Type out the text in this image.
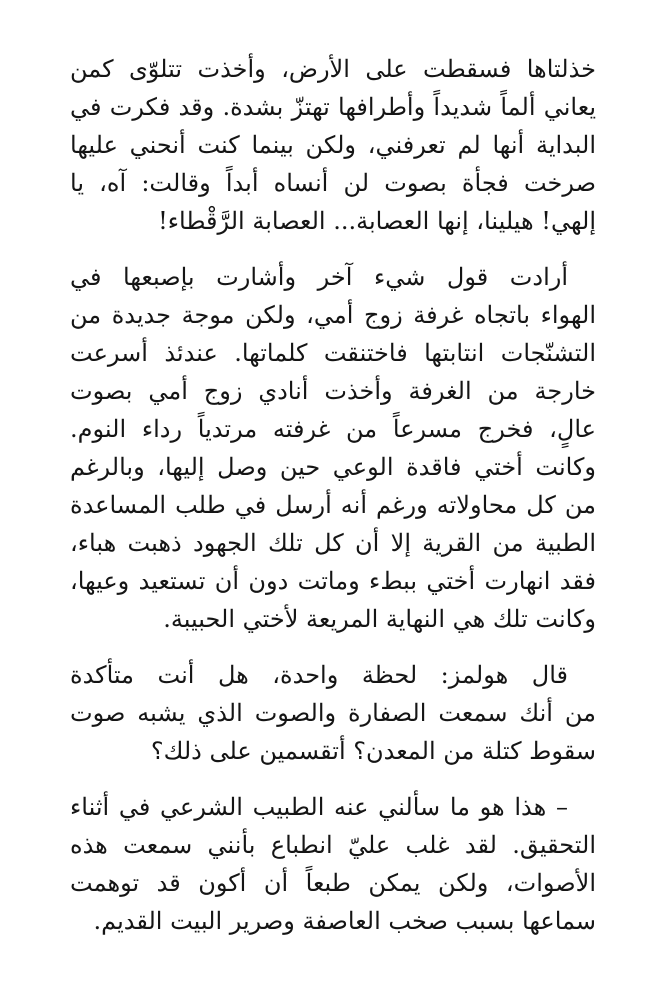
خذلتاها فسقطت على الأرض، وأخذت تتلوّى كمن
يعاني ألماً شديداً وأطرافها تهتزّ بشدة. وقد فكرت في
البداية أنها لم تعرفني، ولكن بينما كنت أنحني عليها
صرخت فجأة بصوت لن أنساه أبداً وقالت: آه، يا
إلهي! هيلينا، إنها العصابة... العصابة الرَّقْطاء!
أرادت قول شيء آخر وأشارت بإصبعها في
الهواء باتجاه غرفة زوج أمي، ولكن موجة جديدة من
التشنّجات انتابتها فاختنقت كلماتها. عندئذ أسرعت
خارجة من الغرفة وأخذت أنادي زوج أمي بصوت
عالٍ، فخرج مسرعاً من غرفته مرتدياً رداء النوم.
وكانت أختي فاقدة الوعي حين وصل إليها، وبالرغم
من كل محاولاته ورغم أنه أرسل في طلب المساعدة
الطبية من القرية إلا أن كل تلك الجهود ذهبت هباء،
فقد انهارت أختي ببطء وماتت دون أن تستعيد وعيها،
وكانت تلك هي النهاية المريعة لأختي الحبيبة.
قال هولمز: لحظة واحدة، هل أنت متأكدة
من أنك سمعت الصفارة والصوت الذي يشبه صوت
سقوط كتلة من المعدن؟ أتقسمين على ذلك؟
– هذا هو ما سألني عنه الطبيب الشرعي في أثناء
التحقيق. لقد غلب عليّ انطباع بأنني سمعت هذه
الأصوات، ولكن يمكن طبعاً أن أكون قد توهمت
سماعها بسبب صخب العاصفة وصرير البيت القديم.
